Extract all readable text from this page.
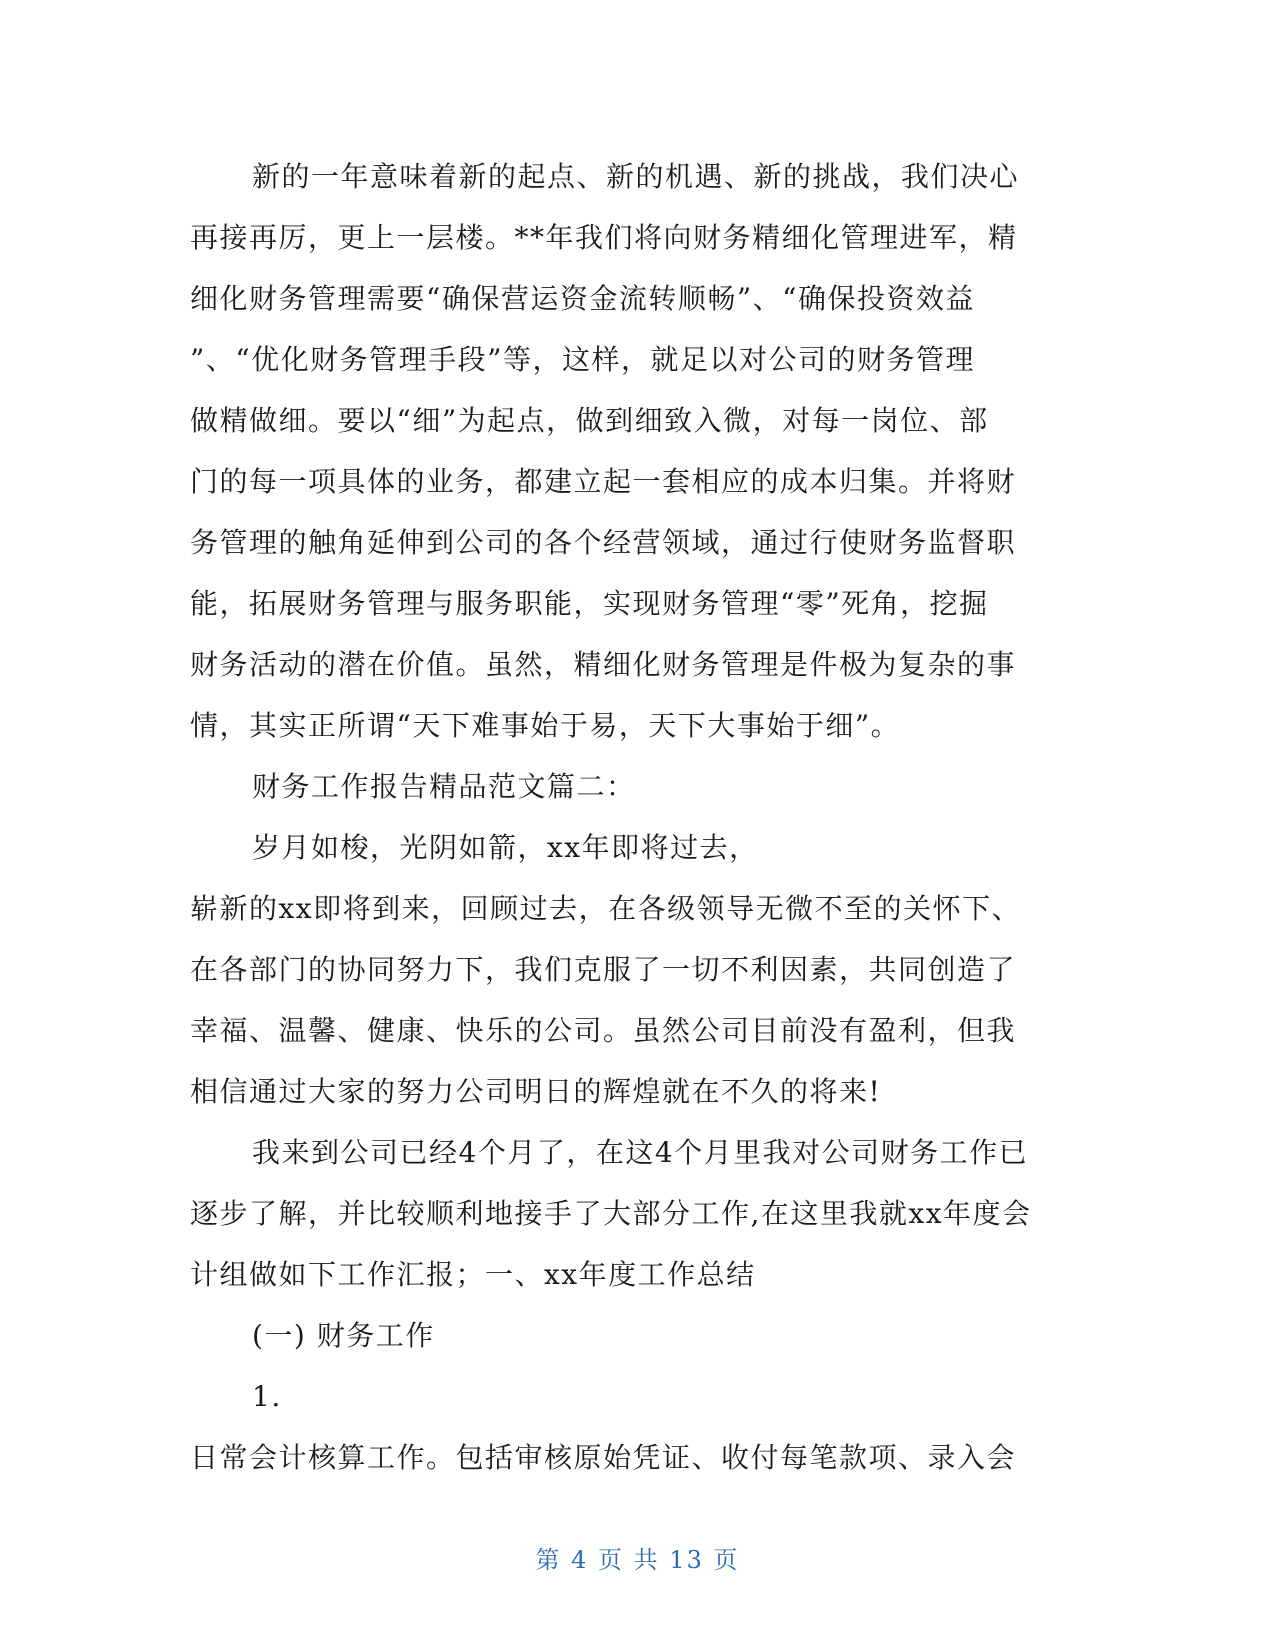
新的一年意味着新的起点、新的机遇、新的挑战，我们决心
再接再厉，更上一层楼。**年我们将向财务精细化管理进军，精
细化财务管理需要“确保营运资金流转顺畅”、“确保投资效益
”、“优化财务管理手段”等，这样，就足以对公司的财务管理
做精做细。要以“细”为起点，做到细致入微，对每一岗位、部
门的每一项具体的业务，都建立起一套相应的成本归集。并将财
务管理的触角延伸到公司的各个经营领域，通过行使财务监督职
能，拓展财务管理与服务职能，实现财务管理“零”死角，挖掘
财务活动的潜在价值。虽然，精细化财务管理是件极为复杂的事
情，其实正所谓“天下难事始于易，天下大事始于细”。
财务工作报告精品范文篇二：
岁月如梭，光阴如箭，xx年即将过去，
崭新的xx即将到来，回顾过去，在各级领导无微不至的关怀下、
在各部门的协同努力下，我们克服了一切不利因素，共同创造了
幸福、温馨、健康、快乐的公司。虽然公司目前没有盈利，但我
相信通过大家的努力公司明日的辉煌就在不久的将来!
我来到公司已经4个月了，在这4个月里我对公司财务工作已
逐步了解，并比较顺利地接手了大部分工作,在这里我就xx年度会
计组做如下工作汇报；一、xx年度工作总结
(一) 财务工作
1.
日常会计核算工作。包括审核原始凭证、收付每笔款项、录入会
第 4 页 共 13 页
